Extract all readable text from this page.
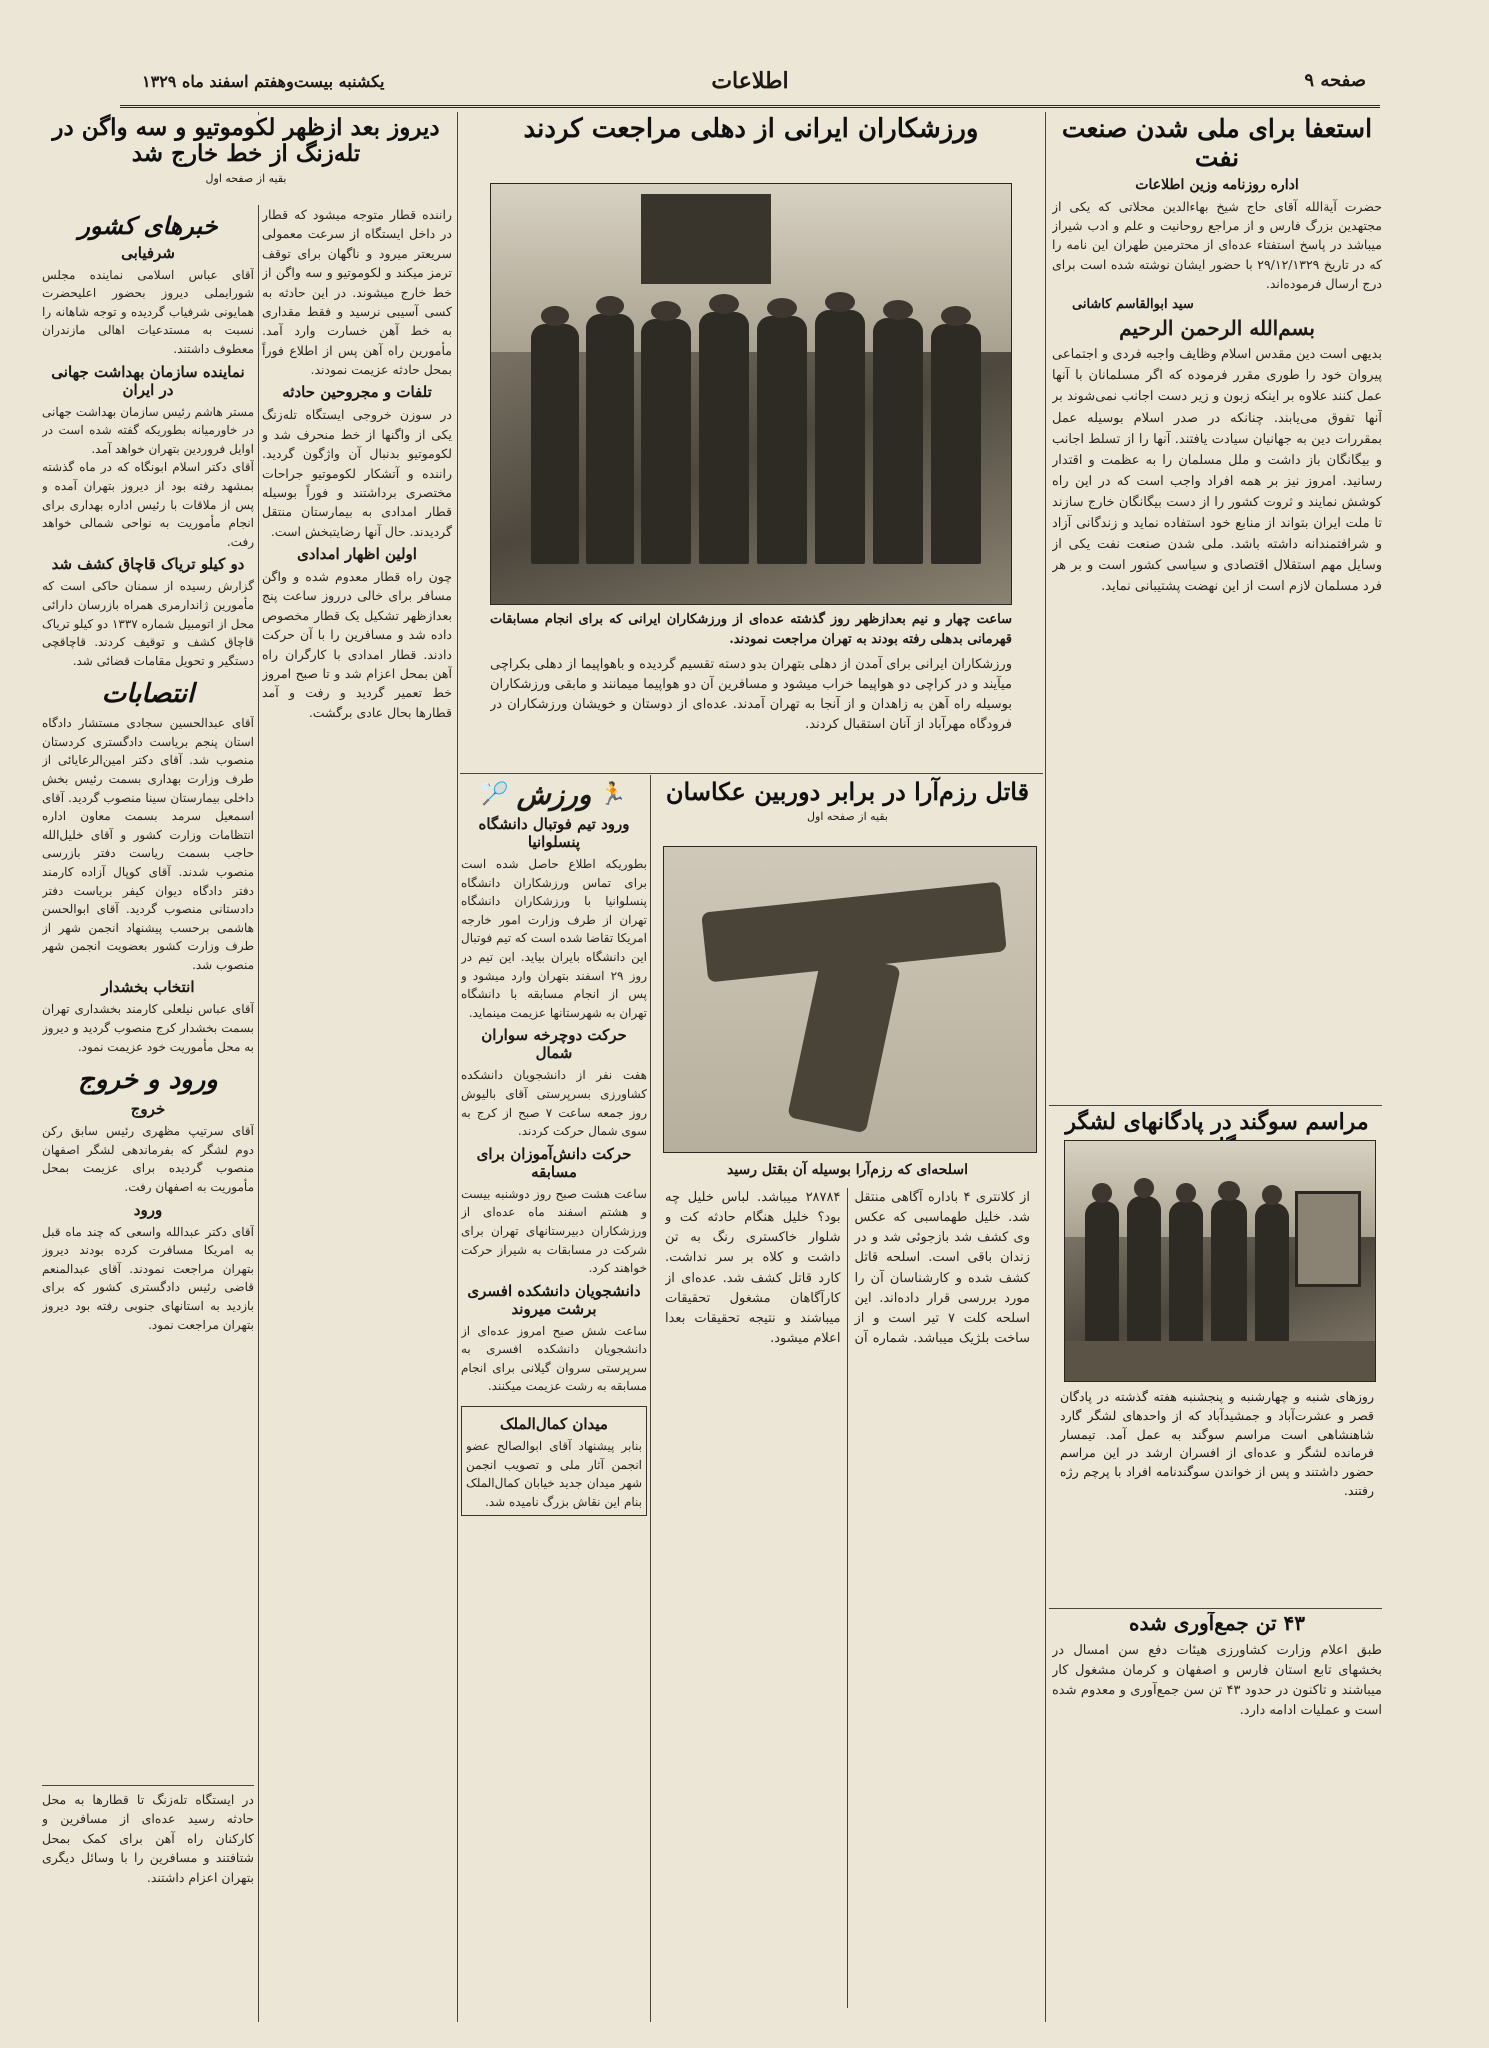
یکشنبه بیست‌وهفتم اسفند ماه ۱۳۲۹	اطلاعات	صفحه ۹
استعفا برای ملی شدن صنعت نفت
اداره روزنامه وزین اطلاعات
حضرت آیة‌الله آقای حاج شیخ بهاءالدین محلاتی که یکی از مجتهدین بزرگ فارس و از مراجع روحانیت و علم و ادب شیراز میباشد در پاسخ استفتاء عده‌ای از محترمین طهران این نامه را که در تاریخ ۲۹/۱۲/۱۳۲۹ با حضور ایشان نوشته شده است برای درج ارسال فرموده‌اند.
سید ابوالقاسم کاشانی
بسم‌الله الرحمن الرحیم
بدیهی است دین مقدس اسلام وظایف واجبه فردی و اجتماعی پیروان خود را طوری مقرر فرموده که اگر مسلمانان با آنها عمل کنند علاوه بر اینکه زبون و زیر دست اجانب نمی‌شوند بر آنها تفوق می‌یابند. چنانکه در صدر اسلام بوسیله عمل بمقررات دین به جهانیان سیادت یافتند. آنها را از تسلط اجانب و بیگانگان باز داشت و ملل مسلمان را به عظمت و اقتدار رسانید. امروز نیز بر همه افراد واجب است که در این راه کوشش نمایند و ثروت کشور را از دست بیگانگان خارج سازند تا ملت ایران بتواند از منابع خود استفاده نماید و زندگانی آزاد و شرافتمندانه داشته باشد. ملی شدن صنعت نفت یکی از وسایل مهم استقلال اقتصادی و سیاسی کشور است و بر هر فرد مسلمان لازم است از این نهضت پشتیبانی نماید.
مراسم سوگند در پادگانهای لشگر
روزهای شنبه و چهارشنبه و پنجشنبه هفته گذشته در پادگان قصر و عشرت‌آباد و جمشیدآباد که از واحدهای لشگر گارد شاهنشاهی است مراسم سوگند به عمل آمد. تیمسار فرمانده لشگر و عده‌ای از افسران ارشد در این مراسم حضور داشتند و پس از خواندن سوگندنامه افراد با پرچم رژه رفتند.
۴۳ تن جمع‌آوری شده
طبق اعلام وزارت کشاورزی هیئات دفع سن امسال در بخشهای تابع استان فارس و اصفهان و کرمان مشغول کار میباشند و تاکنون در حدود ۴۳ تن سن جمع‌آوری و معدوم شده است و عملیات ادامه دارد.
ورزشکاران ایرانی از دهلی مراجعت کردند
ساعت چهار و نیم بعدازظهر روز گذشته عده‌ای از ورزشکاران ایرانی که برای انجام مسابقات قهرمانی بدهلی رفته بودند به تهران مراجعت نمودند.
ورزشکاران ایرانی برای آمدن از دهلی بتهران بدو دسته تقسیم گردیده و باهواپیما از دهلی بکراچی میآیند و در کراچی دو هواپیما خراب میشود و مسافرین آن دو هواپیما میمانند و مابقی ورزشکاران بوسیله راه آهن به زاهدان و از آنجا به تهران آمدند. عده‌ای از دوستان و خویشان ورزشکاران در فرودگاه مهرآباد از آنان استقبال کردند.
قاتل رزم‌آرا در برابر دوربین عکاسان
بقیه از صفحه اول
اسلحه‌ای که رزم‌آرا بوسیله آن بقتل رسید
از کلانتری ۴ باداره آگاهی منتقل شد. خلیل طهماسبی که عکس وی کشف شد بازجوئی شد و در زندان باقی است. اسلحه قاتل کشف شده و کارشناسان آن را مورد بررسی قرار داده‌اند. این اسلحه کلت ۷ تیر است و از ساخت بلژیک میباشد. شماره آن ۲۸۷۸۴ میباشد. لباس خلیل چه بود؟ خلیل هنگام حادثه کت و شلوار خاکستری رنگ به تن داشت و کلاه بر سر نداشت. کارد قاتل کشف شد. عده‌ای از کارآگاهان مشغول تحقیقات میباشند و نتیجه تحقیقات بعدا اعلام میشود.
🏃
ورزش
🏸
ورود تیم فوتبال دانشگاه پنسلوانیا
بطوریکه اطلاع حاصل شده است برای تماس ورزشکاران دانشگاه پنسلوانیا با ورزشکاران دانشگاه تهران از طرف وزارت امور خارجه امریکا تقاضا شده است که تیم فوتبال این دانشگاه بایران بیاید. این تیم در روز ۲۹ اسفند بتهران وارد میشود و پس از انجام مسابقه با دانشگاه تهران به شهرستانها عزیمت مینماید.
حرکت دوچرخه سواران شمال
هفت نفر از دانشجویان دانشکده کشاورزی بسرپرستی آقای بالیوش روز جمعه ساعت ۷ صبح از کرج به سوی شمال حرکت کردند.
حرکت دانش‌آموزان برای مسابقه
ساعت هشت صبح روز دوشنبه بیست و هشتم اسفند ماه عده‌ای از ورزشکاران دبیرستانهای تهران برای شرکت در مسابقات به شیراز حرکت خواهند کرد.
دانشجویان دانشکده افسری برشت میروند
ساعت شش صبح امروز عده‌ای از دانشجویان دانشکده افسری به سرپرستی سروان گیلانی برای انجام مسابقه به رشت عزیمت میکنند.
میدان کمال‌الملک
بنابر پیشنهاد آقای ابوالصالح عضو انجمن آثار ملی و تصویب انجمن شهر میدان جدید خیابان کمال‌الملک بنام این نقاش بزرگ نامیده شد.
راننده قطار متوجه میشود که قطار در داخل ایستگاه از سرعت معمولی سریعتر میرود و ناگهان برای توقف ترمز میکند و لکوموتیو و سه واگن از خط خارج میشوند. در این حادثه به کسی آسیبی نرسید و فقط مقداری به خط آهن خسارت وارد آمد. مأمورین راه آهن پس از اطلاع فوراً بمحل حادثه عزیمت نمودند.
تلفات و مجروحین حادثه
در سوزن خروجی ایستگاه تله‌زنگ یکی از واگنها از خط منحرف شد و لکوموتیو بدنبال آن واژگون گردید. راننده و آتشکار لکوموتیو جراحات مختصری برداشتند و فوراً بوسیله قطار امدادی به بیمارستان منتقل گردیدند. حال آنها رضایتبخش است.
اولین اظهار امدادی
چون راه قطار معدوم شده و واگن مسافر برای خالی درروز ساعت پنج بعدازظهر تشکیل یک قطار مخصوص داده شد و مسافرین را با آن حرکت دادند. قطار امدادی با کارگران راه آهن بمحل اعزام شد و تا صبح امروز خط تعمیر گردید و رفت و آمد قطارها بحال عادی برگشت.
دیروز بعد ازظهر لکوموتیو و سه واگن در تله‌زنگ از خط خارج شد
بقیه از صفحه اول
خبرهای کشور
شرفیابی
آقای عباس اسلامی نماینده مجلس شورایملی دیروز بحضور اعلیحضرت همایونی شرفیاب گردیده و توجه شاهانه را نسبت به مستدعیات اهالی مازندران معطوف داشتند.
نماینده سازمان بهداشت جهانی در ایران
مستر هاشم رئیس سازمان بهداشت جهانی در خاورمیانه بطوریکه گفته شده است در اوایل فروردین بتهران خواهد آمد.
آقای دکتر اسلام ابونگاه که در ماه گذشته بمشهد رفته بود از دیروز بتهران آمده و پس از ملاقات با رئیس اداره بهداری برای انجام مأموریت به نواحی شمالی خواهد رفت.
دو کیلو تریاک قاچاق کشف شد
گزارش رسیده از سمنان حاکی است که مأمورین ژاندارمری همراه بازرسان دارائی محل از اتومبیل شماره ۱۳۳۷ دو کیلو تریاک قاچاق کشف و توقیف کردند. قاچاقچی دستگیر و تحویل مقامات قضائی شد.
انتصابات
آقای عبدالحسین سجادی مستشار دادگاه استان پنجم بریاست دادگستری کردستان منصوب شد. آقای دکتر امین‌الرعایائی از طرف وزارت بهداری بسمت رئیس بخش داخلی بیمارستان سینا منصوب گردید. آقای اسمعیل سرمد بسمت معاون اداره انتظامات وزارت کشور و آقای خلیل‌الله حاجب بسمت ریاست دفتر بازرسی منصوب شدند. آقای کوپال آزاده کارمند دفتر دادگاه دیوان کیفر بریاست دفتر دادستانی منصوب گردید. آقای ابوالحسن هاشمی برحسب پیشنهاد انجمن شهر از طرف وزارت کشور بعضویت انجمن شهر منصوب شد.
انتخاب بخشدار
آقای عباس نیلعلی کارمند بخشداری تهران بسمت بخشدار کرج منصوب گردید و دیروز به محل مأموریت خود عزیمت نمود.
ورود و خروج
خروج
آقای سرتیپ مظهری رئیس سابق رکن دوم لشگر که بفرماندهی لشگر اصفهان منصوب گردیده برای عزیمت بمحل مأموریت به اصفهان رفت.
ورود
آقای دکتر عبدالله واسعی که چند ماه قبل به امریکا مسافرت کرده بودند دیروز بتهران مراجعت نمودند. آقای عبدالمنعم قاضی رئیس دادگستری کشور که برای بازدید به استانهای جنوبی رفته بود دیروز بتهران مراجعت نمود.
در ایستگاه تله‌زنگ تا قطارها به محل حادثه رسید عده‌ای از مسافرین و کارکنان راه آهن برای کمک بمحل شتافتند و مسافرین را با وسائل دیگری بتهران اعزام داشتند.
